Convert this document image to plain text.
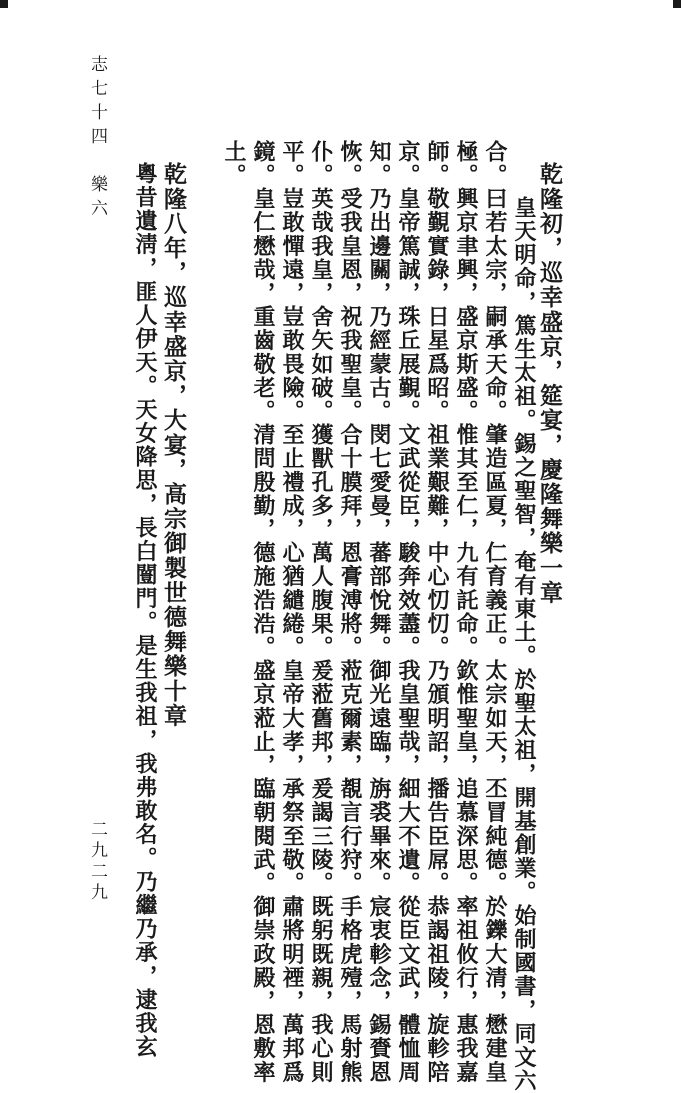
乾隆初，巡幸盛京，筵宴，慶隆舞樂一章
皇天明命，篤生太祖。錫之聖智，奄有東土。於聖太祖，開基創業。始制國書，同文六
合。曰若太宗，嗣承天命。肇造區夏，仁育義正。太宗如天，丕冒純德。於鑠大清，懋建皇
極。興京聿興，盛京斯盛。惟其至仁，九有託命。欽惟聖皇，追慕深思。率祖攸行，惠我嘉
師。敬覲實錄，日星爲昭。祖業艱難，中心忉忉。乃頒明詔，播告臣屌。恭謁祖陵，旋軫陪
京。皇帝篤誠，珠丘展覲。文武從臣，駿奔效藎。我皇聖哉，細大不遺。從臣文武，體恤周
知。乃出邊關，乃經蒙古。閔七愛曼，蕃部悅舞。御光遠臨，旃裘畢來。宸衷軫念，錫賚恩
恢。受我皇恩，祝我聖皇。合十膜拜，恩膏溥將。蒞克爾素，覩言行狩。手格虎殪，馬射熊
仆。英哉我皇，舍矢如破。獲獸孔多，萬人腹果。爰蒞舊邦，爰謁三陵。既躬既親，我心則
平。豈敢憚遠，豈敢畏險。至止禮成，心猶繾綣。皇帝大孝，承祭至敬。肅將明禋，萬邦爲
鏡。皇仁懋哉，重齒敬老。清問殷勤，德施浩浩。盛京蒞止，臨朝閱武。御崇政殿，恩敷率
土。
乾隆八年，巡幸盛京，大宴，高宗御製世德舞樂十章
粵昔遺淸，匪人伊天。天女降思，長白闓門。是生我祖，我弗敢名。乃繼乃承，逮我玄
志七十四　樂六
二九二九
